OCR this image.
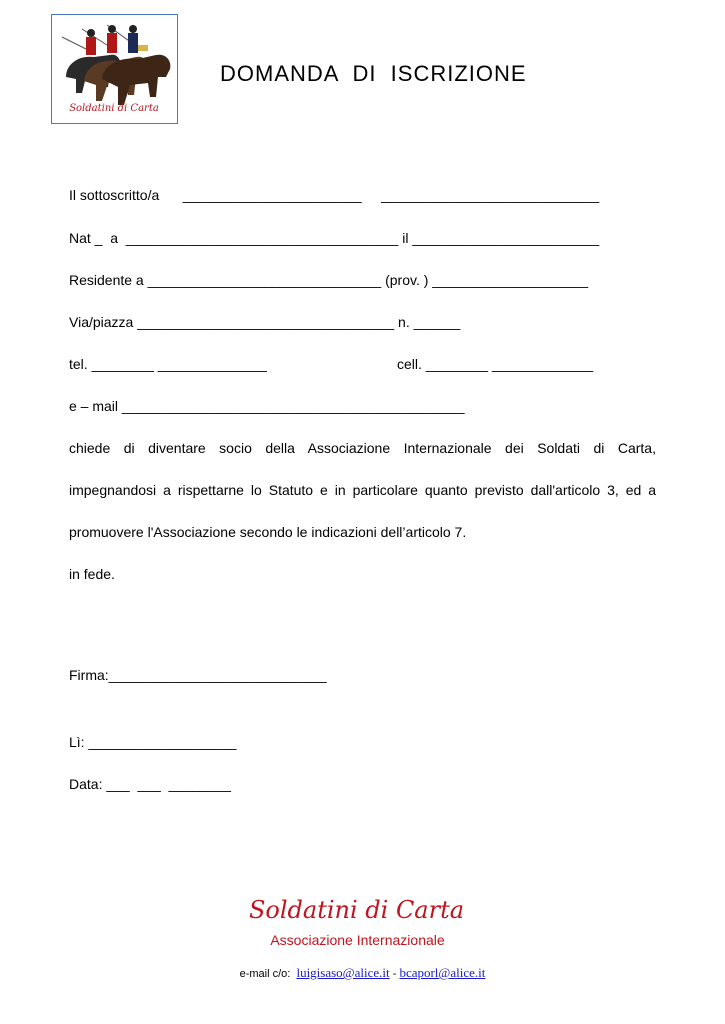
Soldatini di Carta
DOMANDA  DI  ISCRIZIONE
Il sottoscritto/a      _______________________     ____________________________
Nat _  a  ___________________________________ il ________________________
Residente a ______________________________ (prov. ) ____________________
Via/piazza _________________________________ n. ______
tel. ________ ______________	cell. ________ _____________
e – mail ____________________________________________
chiede di diventare socio della Associazione Internazionale dei Soldati di Carta,
impegnandosi a rispettarne lo Statuto e in particolare quanto previsto dall'articolo 3, ed a
promuovere l'Associazione secondo le indicazioni dell’articolo 7.
in fede.
Firma:____________________________
Lì: ___________________
Data: ___  ___  ________
Soldatini di Carta
Associazione Internazionale
e-mail c/o: luigisaso@alice.it - bcaporl@alice.it
